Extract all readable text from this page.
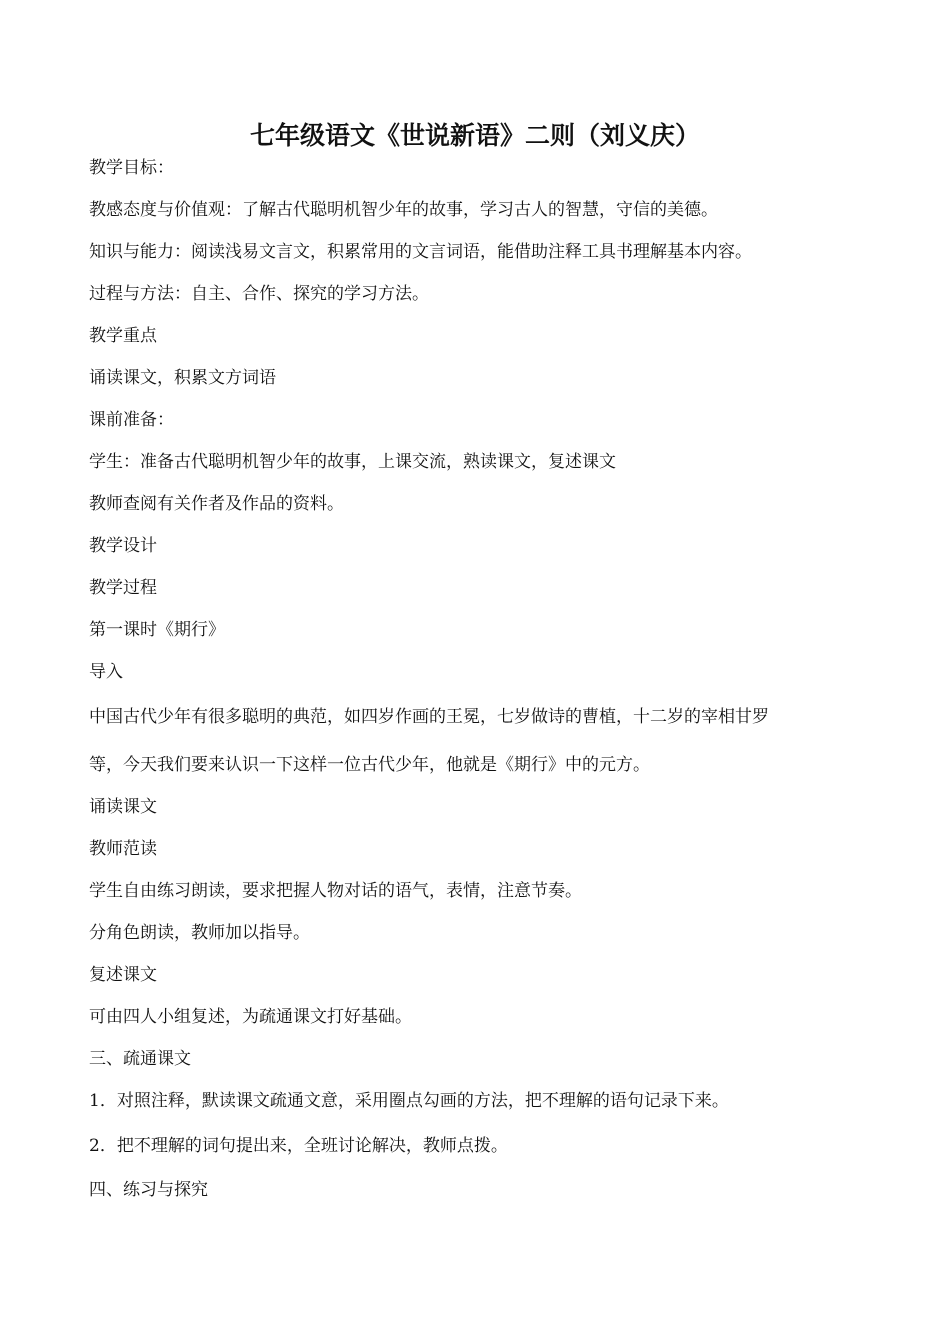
七年级语文《世说新语》二则（刘义庆）

教学目标：

教感态度与价值观：了解古代聪明机智少年的故事，学习古人的智慧，守信的美德。

知识与能力：阅读浅易文言文，积累常用的文言词语，能借助注释工具书理解基本内容。

过程与方法：自主、合作、探究的学习方法。

教学重点

诵读课文，积累文方词语

课前准备：

学生：准备古代聪明机智少年的故事，上课交流，熟读课文，复述课文

教师查阅有关作者及作品的资料。

教学设计

教学过程

第一课时《期行》

导入

中国古代少年有很多聪明的典范，如四岁作画的王冕，七岁做诗的曹植，十二岁的宰相甘罗

等，今天我们要来认识一下这样一位古代少年，他就是《期行》中的元方。

诵读课文

教师范读

学生自由练习朗读，要求把握人物对话的语气，表情，注意节奏。

分角色朗读，教师加以指导。

复述课文

可由四人小组复述，为疏通课文打好基础。

三、疏通课文

1．对照注释，默读课文疏通文意，采用圈点勾画的方法，把不理解的语句记录下来。

2．把不理解的词句提出来，全班讨论解决，教师点拨。

四、练习与探究
